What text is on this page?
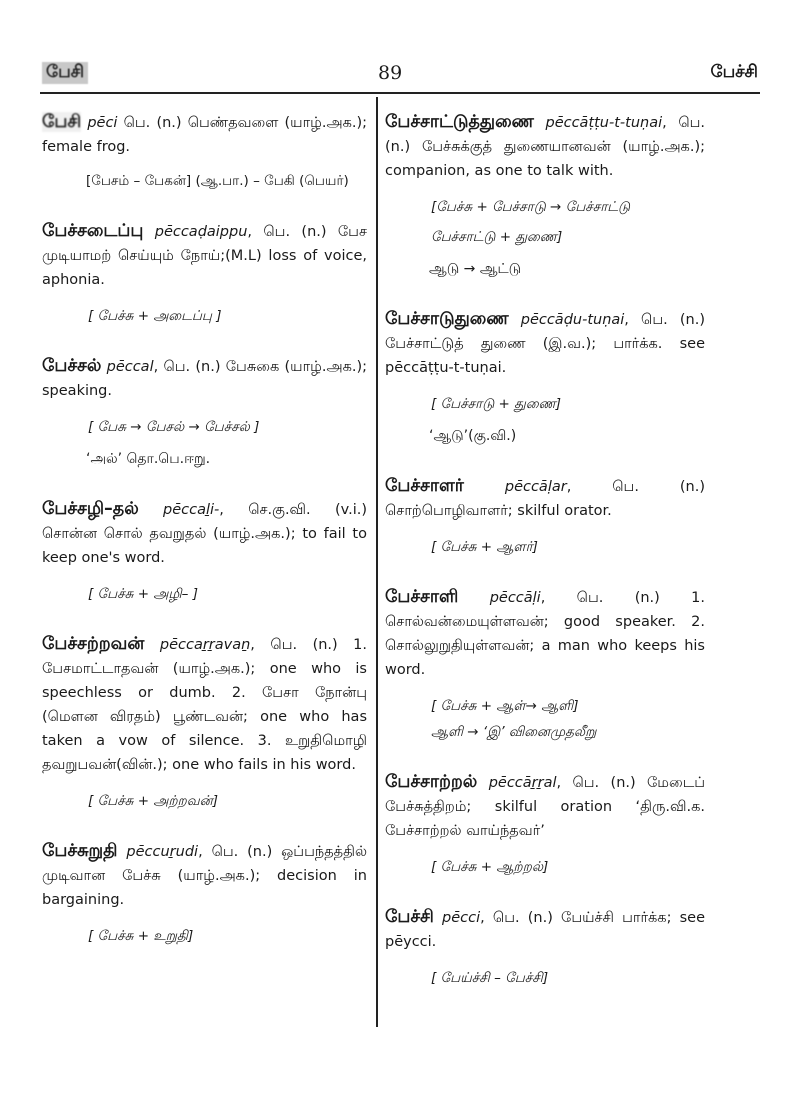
பேசி	89	பேச்சி

பேசி pēci பெ. (n.) பெண்தவளை (யாழ்.அக.); female frog.

[பேசம் – பேகன்] (ஆ.பா.) – பேகி (பெயர்)

பேச்சடைப்பு pēccaḍaippu, பெ. (n.) பேச முடியாமற் செய்யும் நோய்;(M.L) loss of voice, aphonia.

[ பேச்சு + அடைப்பு ]

பேச்சல் pēccal, பெ. (n.) பேசுகை (யாழ்.அக.); speaking.

[ பேசு → பேசல் → பேச்சல் ]
‘அல்’ தொ.பெ.ஈறு.

பேச்சழி–தல் pēccaḻi-, செ.கு.வி. (v.i.) சொன்ன சொல் தவறுதல் (யாழ்.அக.); to fail to keep one's word.

[ பேச்சு + அழி– ]

பேச்சற்றவன் pēccaṟṟavaṉ, பெ. (n.) 1. பேசமாட்டாதவன் (யாழ்.அக.); one who is speechless or dumb. 2. பேசா நோன்பு (மௌன விரதம்) பூண்டவன்; one who has taken a vow of silence. 3. உறுதிமொழி தவறுபவன்(வின்.); one who fails in his word.

[ பேச்சு + அற்றவன்]

பேச்சுறுதி pēccuṟudi, பெ. (n.) ஒப்பந்தத்தில் முடிவான பேச்சு (யாழ்.அக.); decision in bargaining.

[ பேச்சு + உறுதி]

பேச்சாட்டுத்துணை pēccāṭṭu-t-tuṇai, பெ. (n.) பேச்சுக்குத் துணையானவன் (யாழ்.அக.); companion, as one to talk with.

[பேச்சு + பேச்சாடு → பேச்சாட்டு
பேச்சாட்டு + துணை]
ஆடு → ஆட்டு

பேச்சாடுதுணை pēccāḍu-tuṇai, பெ. (n.) பேச்சாட்டுத் துணை (இ.வ.); பார்க்க. see pēccāṭṭu-t-tuṇai.

[ பேச்சாடு + துணை]
‘ஆடு’(கு.வி.)

பேச்சாளர்	pēccāḷar, பெ. (n.) சொற்பொழிவாளர்; skilful orator.

[ பேச்சு + ஆளர்]

பேச்சாளி pēccāḷi, பெ. (n.) 1. சொல்வன்மையுள்ளவன்; good speaker. 2. சொல்லுறுதியுள்ளவன்; a man who keeps his word.

[ பேச்சு + ஆள்→ ஆளி]
ஆளி → ‘இ’ வினைமுதலீறு

பேச்சாற்றல் pēccāṟṟal, பெ. (n.) மேடைப் பேச்சுத்திறம்; skilful oration ‘திரு.வி.க. பேச்சாற்றல் வாய்ந்தவர்’

[ பேச்சு + ஆற்றல்]

பேச்சி pēcci, பெ. (n.) பேய்ச்சி பார்க்க; see pēycci.

[ பேய்ச்சி – பேச்சி]
